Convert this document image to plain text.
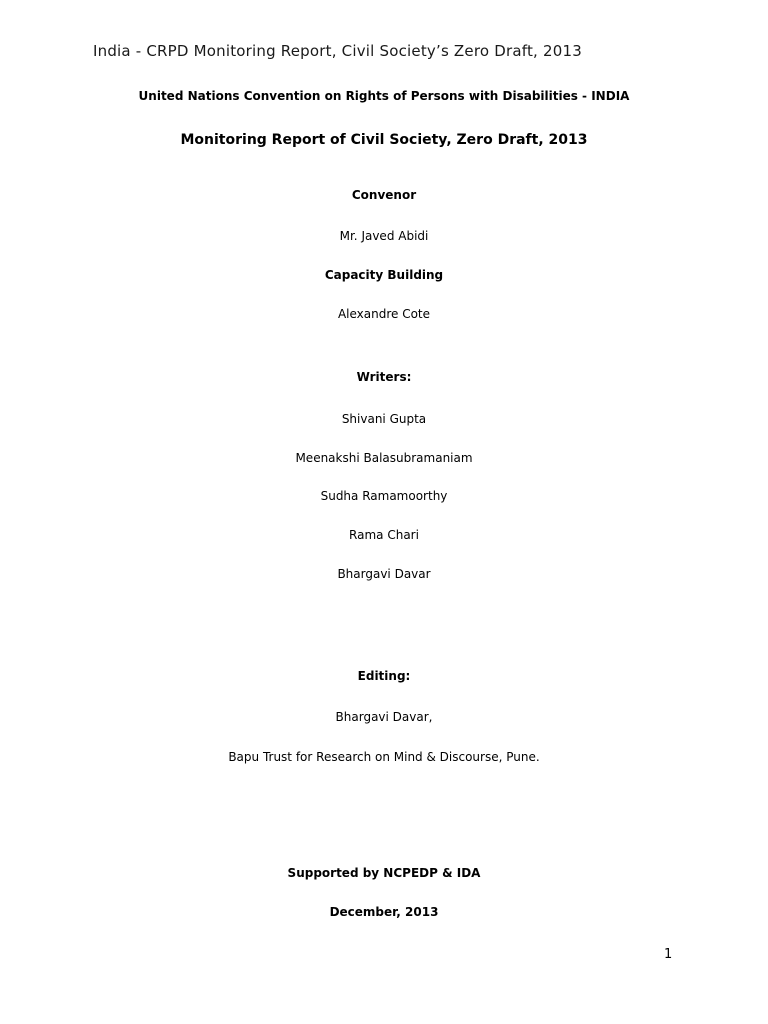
India - CRPD Monitoring Report, Civil Society’s Zero Draft, 2013
United Nations Convention on Rights of Persons with Disabilities - INDIA
Monitoring Report of Civil Society, Zero Draft, 2013
Convenor
Mr. Javed Abidi
Capacity Building
Alexandre Cote
Writers:
Shivani Gupta
Meenakshi Balasubramaniam
Sudha Ramamoorthy
Rama Chari
Bhargavi Davar
Editing:
Bhargavi Davar,
Bapu Trust for Research on Mind & Discourse, Pune.
Supported by NCPEDP & IDA
December, 2013
1
